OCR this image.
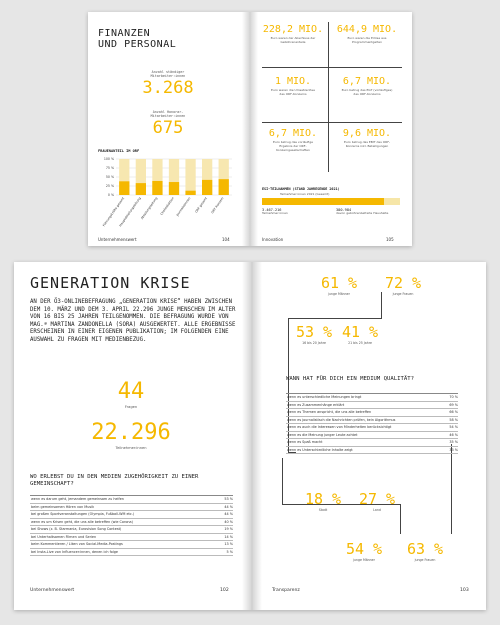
FINANZEN
UND PERSONAL
Anzahl ständiger
Mitarbeiter:innen
3.268
Anzahl Honorar-
Mitarbeiter:innen
675
FRAUENANTEIL IM ORF
100 %
75 %
50 %
25 %
0 %
Führungskräfte gesamt
Hauptabteilungsleitung
Abteilungsleitung Chefredaktion Journalistinnen ORF gesamt ORF Konzern
Unternehmenswert	104
228,2 MIO.
Euro waren der Abschluss der Gebührenanteile
644,9 MIO.
Euro waren die Erlöse aus Programmentgelten
1 MIO.
Euro waren die Umsatzerlöse des ORF-Konzerns
6,7 MIO.
Euro betrug das EGT (vorläufiges) des ORF-Konzerns
6,7 MIO.
Euro betrug das vorläufige Ergebnis der ORF-Konzerngesellschaften
9,6 MIO.
Euro betrug das EBIT des ORF-Konzerns inkl. Beteiligungen
ESI-TEILNAHMEN (STAND JAHRESENDE 2021)
Teilnehmer:innen 2021 (Gesamt)
3.467.216
Teilnehmer:innen
380.984
davon gebührenbefreite Haushalte
Innovation	105
GENERATION KRISE
AN DER Ö3-ONLINEBEFRAGUNG „GENERATION KRISE“ HABEN ZWISCHEN DEM 10. MÄRZ UND DEM 3. APRIL 22.296 JUNGE MENSCHEN IM ALTER VON 16 BIS 25 JAHREN TEILGENOMMEN. DIE BEFRAGUNG WURDE VON MAG.ª MARTINA ZANDONELLA (SORA) AUSGEWERTET. ALLE ERGEBNISSE ERSCHEINEN IN EINER EIGENEN PUBLIKATION; IM FOLGENDEN EINE AUSWAHL ZU FRAGEN MIT MEDIENBEZUG.
44
Fragen
22.296
Teilnehmer:innen
WO ERLEBST DU IN DEN MEDIEN ZUGEHÖRIGKEIT ZU EINER GEMEINSCHAFT?
wenn es darum geht, jemandem gemeinsam zu helfen	53 %
beim gemeinsamen Hören von Musik	44 %
bei großen Sportveranstaltungen (Olympia, Fußball-WM etc.)	44 %
wenn es um Krisen geht, die uns alle betreffen (wie Corona)	40 %
bei Shows (z. B. Starmania, Eurovision Song Contest)	19 %
bei Unterhaltsamen Filmen und Serien	14 %
beim Kommentieren / Liken von Social-Media-Postings	13 %
bei Insta-Live von Influencer:innen, denen ich folge	5 %
Unternehmenswert	102
61 %
junge Männer
72 %
junge Frauen
53 %
16 bis 20 Jahre
41 %
21 bis 25 Jahre
WANN HAT FÜR DICH EIN MEDIUM QUALITÄT?
wenn es unterschiedliche Meinungen bringt	70 %
wenn es Zusammenhänge erklärt	69 %
wenn es Themen anspricht, die uns alle betreffen	66 %
wenn es journalistisch die Nachrichten prüfen, kein Algorithmus	58 %
wenn es auch die Interessen von Minderheiten berücksichtigt	54 %
wenn es die Meinung junger Leute achtet	46 %
wenn es Spaß macht	35 %
wenn es Unterschiedliche Inhalte zeigt	33 %
18 %
Stadt
27 %
Land
54 %
junge Männer
63 %
junge Frauen
Transparenz	103
